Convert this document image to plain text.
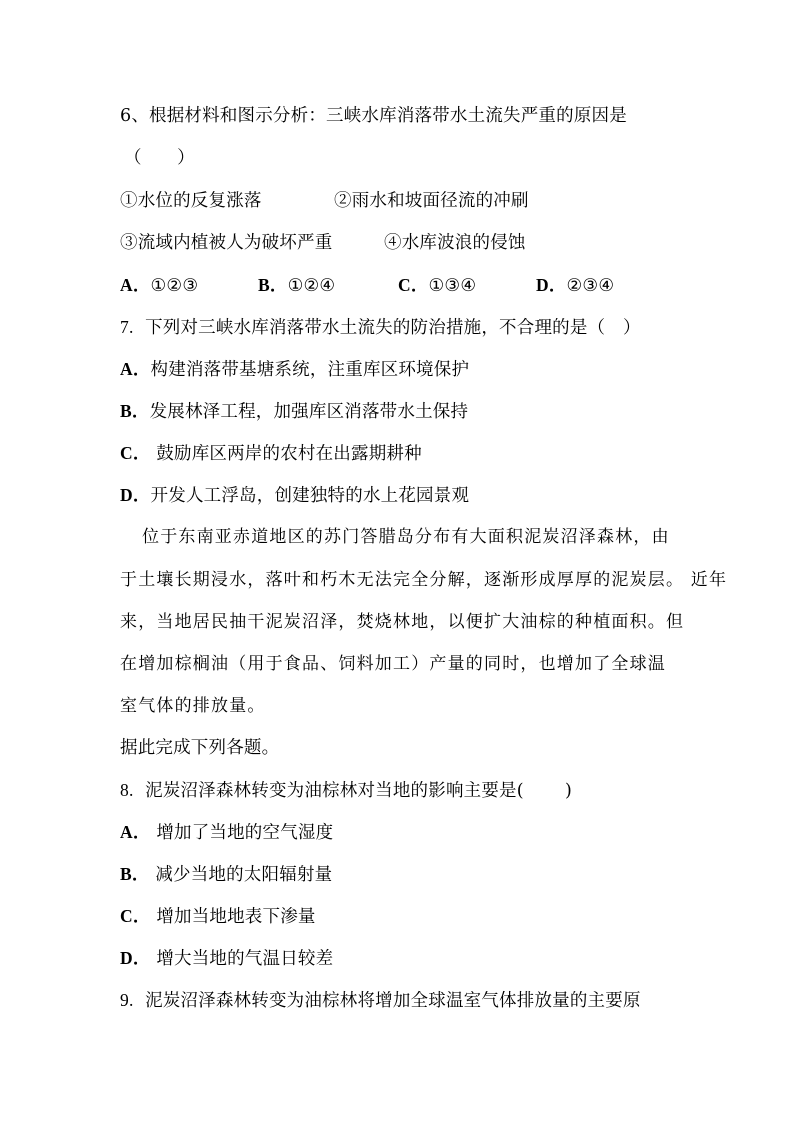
6、根据材料和图示分析：三峡水库消落带水土流失严重的原因是
（　　）
①水位的反复涨落	②雨水和坡面径流的冲刷
③流域内植被人为破坏严重	④水库波浪的侵蚀
A．①②③	B．①②④	C．①③④	D．②③④
7. 下列对三峡水库消落带水土流失的防治措施，不合理的是（　）
A．构建消落带基塘系统，注重库区环境保护
B．发展林泽工程，加强库区消落带水土保持
C． 鼓励库区两岸的农村在出露期耕种
D．开发人工浮岛，创建独特的水上花园景观
位于东南亚赤道地区的苏门答腊岛分布有大面积泥炭沼泽森林，由
于土壤长期浸水，落叶和朽木无法完全分解，逐渐形成厚厚的泥炭层。 近年
来，当地居民抽干泥炭沼泽，焚烧林地，以便扩大油棕的种植面积。但
在增加棕榈油（用于食品、饲料加工）产量的同时，也增加了全球温
室气体的排放量。
据此完成下列各题。
8. 泥炭沼泽森林转变为油棕林对当地的影响主要是(　　 )
A． 增加了当地的空气湿度
B． 减少当地的太阳辐射量
C． 增加当地地表下渗量
D． 增大当地的气温日较差
9. 泥炭沼泽森林转变为油棕林将增加全球温室气体排放量的主要原
